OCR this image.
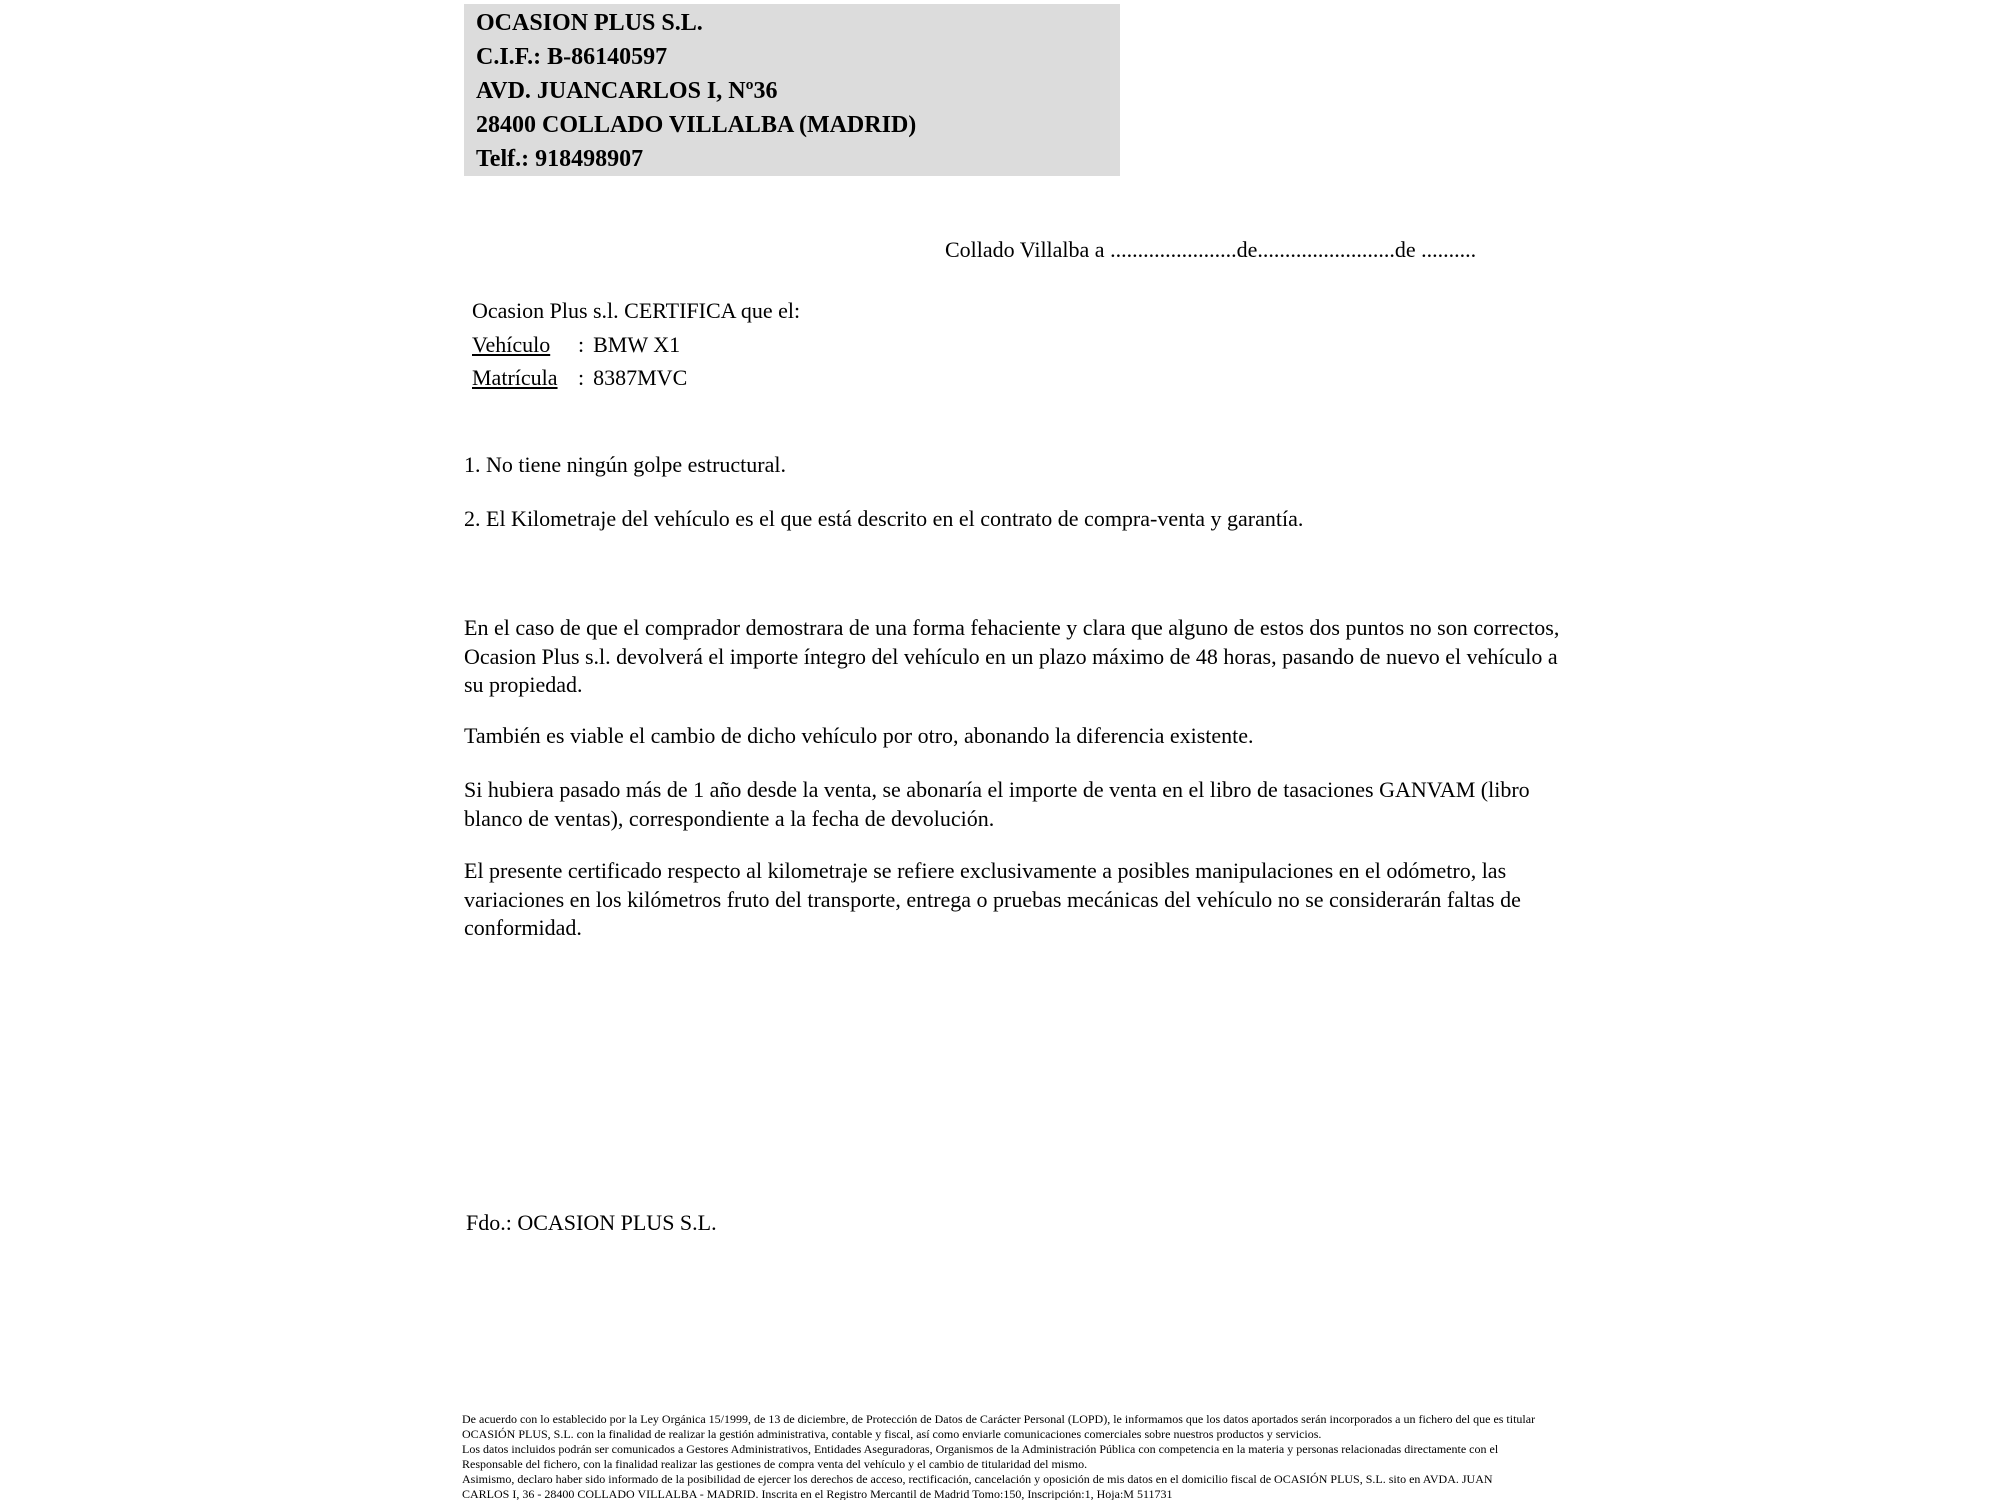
OCASION PLUS S.L.
C.I.F.: B-86140597
AVD. JUANCARLOS I, Nº36
28400 COLLADO VILLALBA (MADRID)
Telf.: 918498907
Collado Villalba a .......................de.........................de ..........
Ocasion Plus s.l. CERTIFICA que el:
Vehículo : BMW X1
Matrícula : 8387MVC
1. No tiene ningún golpe estructural.
2. El Kilometraje del vehículo es el que está descrito en el contrato de compra-venta y garantía.
En el caso de que el comprador demostrara de una forma fehaciente y clara que alguno de estos dos puntos no son correctos, Ocasion Plus s.l. devolverá el importe íntegro del vehículo en un plazo máximo de 48 horas, pasando de nuevo el vehículo a su propiedad.
También es viable el cambio de dicho vehículo por otro, abonando la diferencia existente.
Si hubiera pasado más de 1 año desde la venta, se abonaría el importe de venta en el libro de tasaciones GANVAM (libro blanco de ventas), correspondiente a la fecha de devolución.
El presente certificado respecto al kilometraje se refiere exclusivamente a posibles manipulaciones en el odómetro, las variaciones en los kilómetros fruto del transporte, entrega o pruebas mecánicas del vehículo no se considerarán faltas de conformidad.
Fdo.: OCASION PLUS S.L.
De acuerdo con lo establecido por la Ley Orgánica 15/1999, de 13 de diciembre, de Protección de Datos de Carácter Personal (LOPD), le informamos que los datos aportados serán incorporados a un fichero del que es titular
OCASIÓN PLUS, S.L. con la finalidad de realizar la gestión administrativa, contable y fiscal, así como enviarle comunicaciones comerciales sobre nuestros productos y servicios.
Los datos incluidos podrán ser comunicados a Gestores Administrativos, Entidades Aseguradoras, Organismos de la Administración Pública con competencia en la materia y personas relacionadas directamente con el
Responsable del fichero, con la finalidad realizar las gestiones de compra venta del vehículo y el cambio de titularidad del mismo.
Asimismo, declaro haber sido informado de la posibilidad de ejercer los derechos de acceso, rectificación, cancelación y oposición de mis datos en el domicilio fiscal de OCASIÓN PLUS, S.L. sito en AVDA. JUAN
CARLOS I, 36 - 28400 COLLADO VILLALBA - MADRID. Inscrita en el Registro Mercantil de Madrid Tomo:150, Inscripción:1, Hoja:M 511731
